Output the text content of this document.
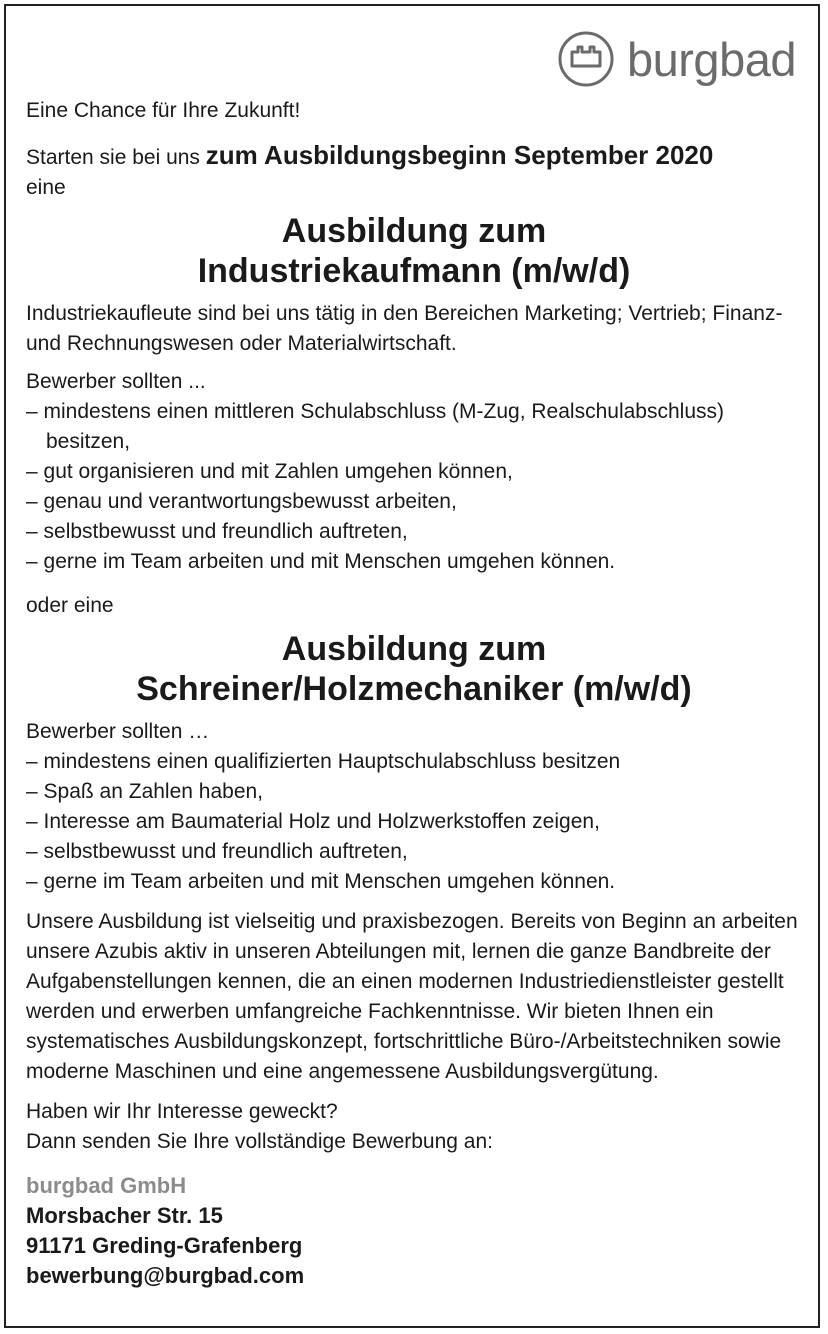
burgbad

Eine Chance für Ihre Zukunft!

Starten sie bei uns zum Ausbildungsbeginn September 2020

eine

Ausbildung zum
Industriekaufmann (m/w/d)

Industriekaufleute sind bei uns tätig in den Bereichen Marketing; Vertrieb; Finanz- und Rechnungswesen oder Materialwirtschaft.

Bewerber sollten ...

– mindestens einen mittleren Schulabschluss (M-Zug, Realschulabschluss) besitzen,
– gut organisieren und mit Zahlen umgehen können,
– genau und verantwortungsbewusst arbeiten,
– selbstbewusst und freundlich auftreten,
– gerne im Team arbeiten und mit Menschen umgehen können.

oder eine

Ausbildung zum
Schreiner/Holzmechaniker (m/w/d)

Bewerber sollten …

– mindestens einen qualifizierten Hauptschulabschluss besitzen
– Spaß an Zahlen haben,
– Interesse am Baumaterial Holz und Holzwerkstoffen zeigen,
– selbstbewusst und freundlich auftreten,
– gerne im Team arbeiten und mit Menschen umgehen können.

Unsere Ausbildung ist vielseitig und praxisbezogen. Bereits von Beginn an arbeiten unsere Azubis aktiv in unseren Abteilungen mit, lernen die ganze Bandbreite der Aufgabenstellungen kennen, die an einen modernen Industriedienstleister gestellt werden und erwerben umfangreiche Fachkenntnisse. Wir bieten Ihnen ein systematisches Ausbildungskonzept, fortschrittliche Büro-/Arbeitstechniken sowie moderne Maschinen und eine angemessene Ausbildungsvergütung.

Haben wir Ihr Interesse geweckt?

Dann senden Sie Ihre vollständige Bewerbung an:

burgbad GmbH
Morsbacher Str. 15
91171 Greding-Grafenberg
bewerbung@burgbad.com
